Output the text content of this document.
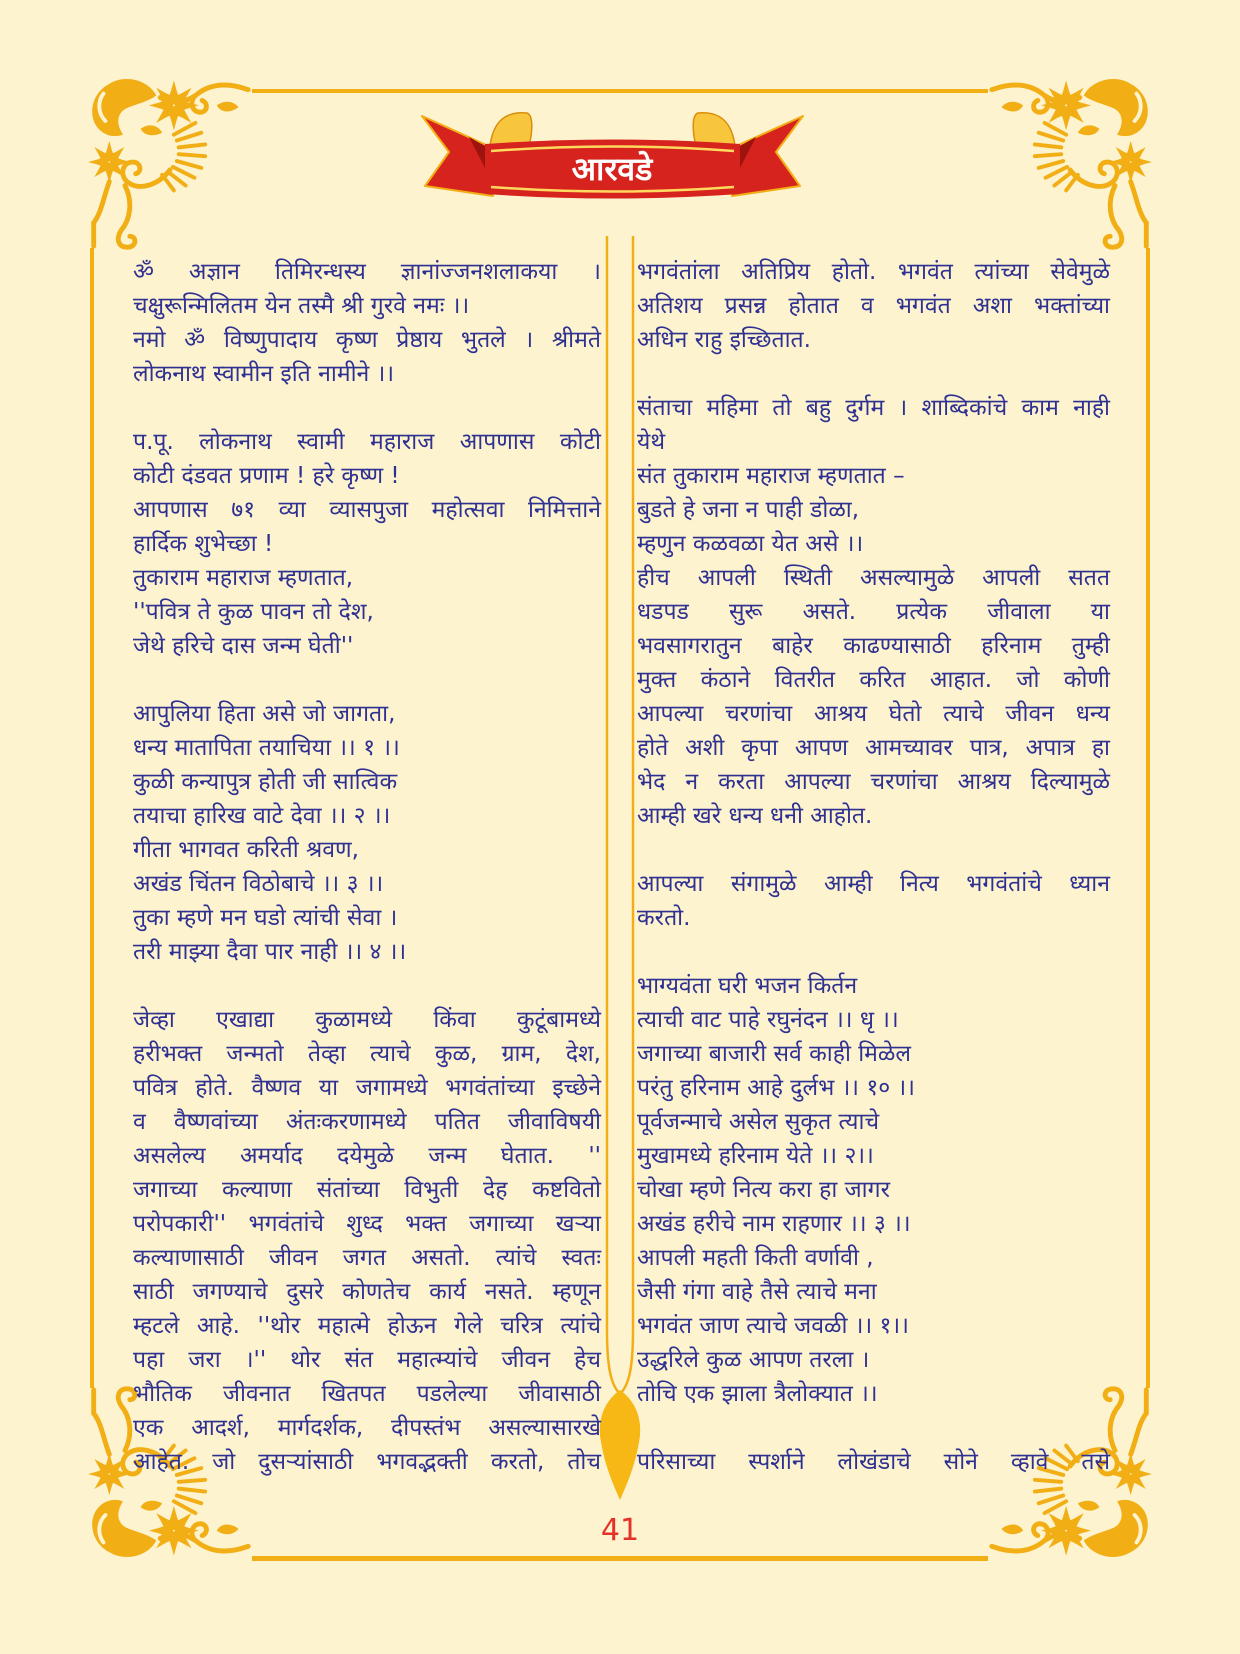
आरवडे
ॐ अज्ञान तिमिरन्धस्य ज्ञानांज्जनशलाकया ।
चक्षुरून्मिलितम येन तस्मै श्री गुरवे नमः ।।
नमो ॐ विष्णुपादाय कृष्ण प्रेष्ठाय भुतले । श्रीमते
लोकनाथ स्वामीन इति नामीने ।।
प.पू. लोकनाथ स्वामी महाराज आपणास कोटी
कोटी दंडवत प्रणाम ! हरे कृष्ण !
आपणास ७१ व्या व्यासपुजा महोत्सवा निमित्ताने
हार्दिक शुभेच्छा !
तुकाराम महाराज म्हणतात,
''पवित्र ते कुळ पावन तो देश,
जेथे हरिचे दास जन्म घेती''
आपुलिया हिता असे जो जागता,
धन्य मातापिता तयाचिया ।। १ ।।
कुळी कन्यापुत्र होती जी सात्विक
तयाचा हारिख वाटे देवा ।। २ ।।
गीता भागवत करिती श्रवण,
अखंड चिंतन विठोबाचे ।। ३ ।।
तुका म्हणे मन घडो त्यांची सेवा ।
तरी माझ्या दैवा पार नाही ।। ४ ।।
जेव्हा एखाद्या कुळामध्ये किंवा कुटूंबामध्ये
हरीभक्त जन्मतो तेव्हा त्याचे कुळ, ग्राम, देश,
पवित्र होते. वैष्णव या जगामध्ये भगवंतांच्या इच्छेने
व वैष्णवांच्या अंतःकरणामध्ये पतित जीवाविषयी
असलेल्य अमर्याद दयेमुळे जन्म घेतात. ''
जगाच्या कल्याणा संतांच्या विभुती देह कष्टवितो
परोपकारी'' भगवंतांचे शुध्द भक्त जगाच्या खऱ्या
कल्याणासाठी जीवन जगत असतो. त्यांचे स्वतः
साठी जगण्याचे दुसरे कोणतेच कार्य नसते. म्हणून
म्हटले आहे. ''थोर महात्मे होऊन गेले चरित्र त्यांचे
पहा जरा ।'' थोर संत महात्म्यांचे जीवन हेच
भौतिक जीवनात खितपत पडलेल्या जीवासाठी
एक आदर्श, मार्गदर्शक, दीपस्तंभ असल्यासारखे
आहेत. जो दुसऱ्यांसाठी भगवद्भक्ती करतो, तोच
भगवंतांला अतिप्रिय होतो. भगवंत त्यांच्या सेवेमुळे
अतिशय प्रसन्न होतात व भगवंत अशा भक्तांच्या
अधिन राहु इच्छितात.
संताचा महिमा तो बहु दुर्गम । शाब्दिकांचे काम नाही
येथे
संत तुकाराम महाराज म्हणतात –
बुडते हे जना न पाही डोळा,
म्हणुन कळवळा येत असे ।।
हीच आपली स्थिती असल्यामुळे आपली सतत
धडपड सुरू असते. प्रत्येक जीवाला या
भवसागरातुन बाहेर काढण्यासाठी हरिनाम तुम्ही
मुक्त कंठाने वितरीत करित आहात. जो कोणी
आपल्या चरणांचा आश्रय घेतो त्याचे जीवन धन्य
होते अशी कृपा आपण आमच्यावर पात्र, अपात्र हा
भेद न करता आपल्या चरणांचा आश्रय दिल्यामुळे
आम्ही खरे धन्य धनी आहोत.
आपल्या संगामुळे आम्ही नित्य भगवंतांचे ध्यान
करतो.
भाग्यवंता घरी भजन किर्तन
त्याची वाट पाहे रघुनंदन ।। धृ ।।
जगाच्या बाजारी सर्व काही मिळेल
परंतु हरिनाम आहे दुर्लभ ।। १० ।।
पूर्वजन्माचे असेल सुकृत त्याचे
मुखामध्ये हरिनाम येते ।। २।।
चोखा म्हणे नित्य करा हा जागर
अखंड हरीचे नाम राहणार ।। ३ ।।
आपली महती किती वर्णावी ,
जैसी गंगा वाहे तैसे त्याचे मना
भगवंत जाण त्याचे जवळी ।। १।।
उद्धरिले कुळ आपण तरला ।
तोचि एक झाला त्रैलोक्यात ।।
परिसाच्या स्पर्शाने लोखंडाचे सोने व्हावे तसे
41
